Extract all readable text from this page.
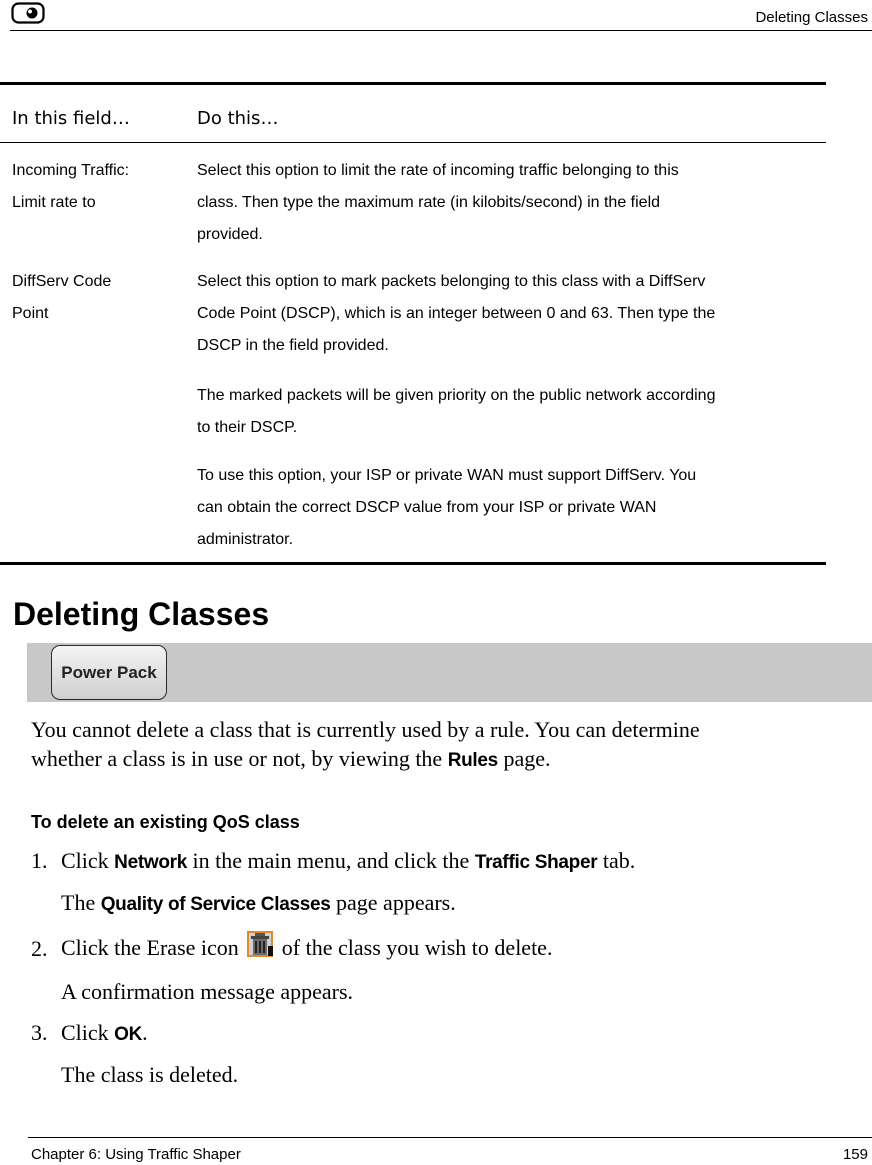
Deleting Classes
In this field…	Do this…
Incoming Traffic:
Limit rate to
Select this option to limit the rate of incoming traffic belonging to this
class. Then type the maximum rate (in kilobits/second) in the field
provided.
DiffServ Code
Point
Select this option to mark packets belonging to this class with a DiffServ
Code Point (DSCP), which is an integer between 0 and 63. Then type the
DSCP in the field provided.
The marked packets will be given priority on the public network according
to their DSCP.
To use this option, your ISP or private WAN must support DiffServ. You
can obtain the correct DSCP value from your ISP or private WAN
administrator.
Deleting Classes
Power Pack
You cannot delete a class that is currently used by a rule. You can determine
whether a class is in use or not, by viewing the Rules page.
To delete an existing QoS class
1. Click Network in the main menu, and click the Traffic Shaper tab.
The Quality of Service Classes page appears.
2. Click the Erase icon  of the class you wish to delete.
A confirmation message appears.
3. Click OK.
The class is deleted.
Chapter 6: Using Traffic Shaper	159
